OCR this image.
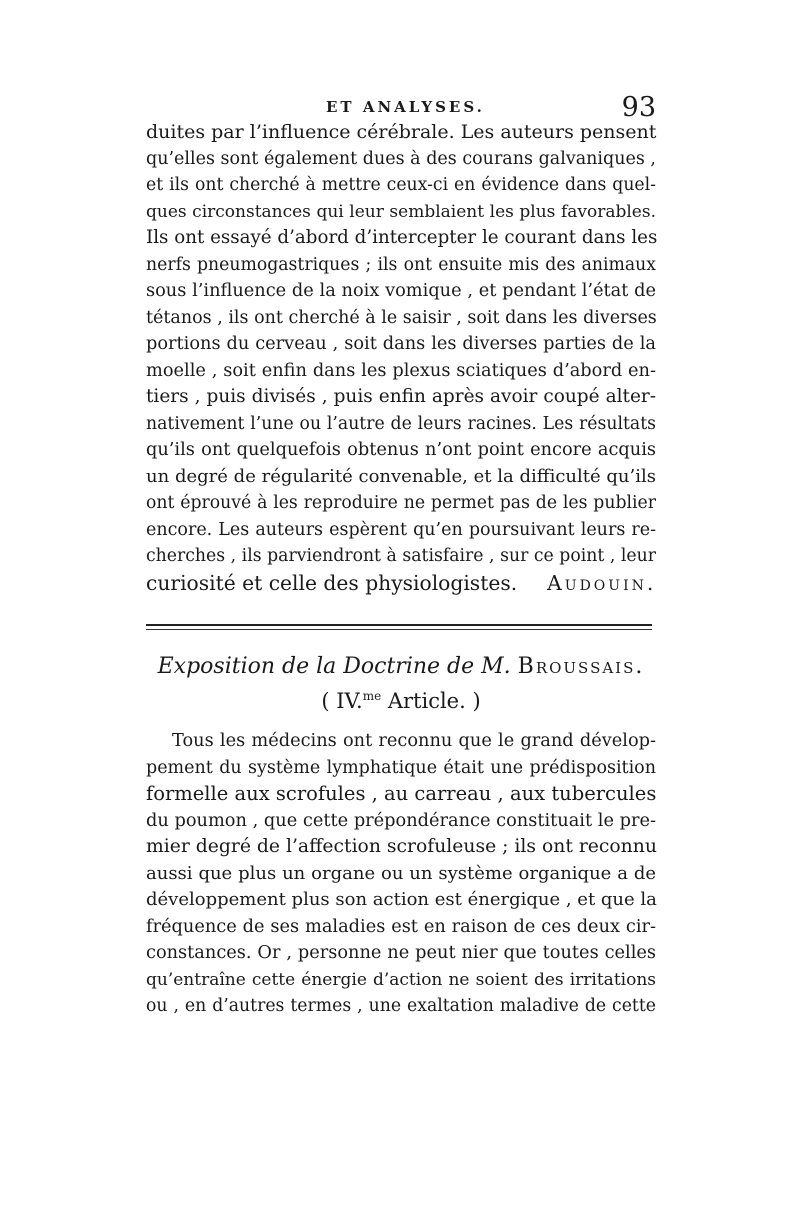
ET ANALYSES.	93
duites par l’influence cérébrale. Les auteurs pensent
qu’elles sont également dues à des courans galvaniques ,
et ils ont cherché à mettre ceux-ci en évidence dans quel-
ques circonstances qui leur semblaient les plus favorables.
Ils ont essayé d’abord d’intercepter le courant dans les
nerfs pneumogastriques ; ils ont ensuite mis des animaux
sous l’influence de la noix vomique , et pendant l’état de
tétanos , ils ont cherché à le saisir , soit dans les diverses
portions du cerveau , soit dans les diverses parties de la
moelle , soit enfin dans les plexus sciatiques d’abord en-
tiers , puis divisés , puis enfin après avoir coupé alter-
nativement l’une ou l’autre de leurs racines. Les résultats
qu’ils ont quelquefois obtenus n’ont point encore acquis
un degré de régularité convenable, et la difficulté qu’ils
ont éprouvé à les reproduire ne permet pas de les publier
encore. Les auteurs espèrent qu’en poursuivant leurs re-
cherches , ils parviendront à satisfaire , sur ce point , leur
curiosité et celle des physiologistes. Audouin.
Exposition de la Doctrine de M. Broussais.
( IV.$^{me}$ Article. )
Tous les médecins ont reconnu que le grand dévelop-
pement du système lymphatique était une prédisposition
formelle aux scrofules , au carreau , aux tubercules
du poumon , que cette prépondérance constituait le pre-
mier degré de l’affection scrofuleuse ; ils ont reconnu
aussi que plus un organe ou un système organique a de
développement plus son action est énergique , et que la
fréquence de ses maladies est en raison de ces deux cir-
constances. Or , personne ne peut nier que toutes celles
qu’entraîne cette énergie d’action ne soient des irritations
ou , en d’autres termes , une exaltation maladive de cette
